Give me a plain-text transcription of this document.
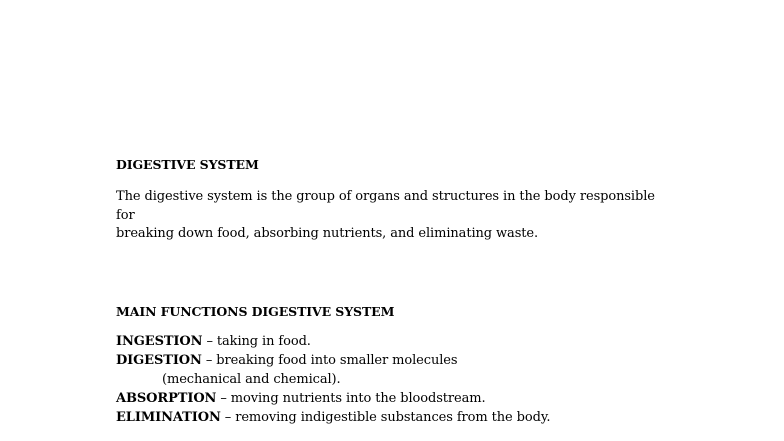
DIGESTIVE SYSTEM
The digestive system is the group of organs and structures in the body responsible for
breaking down food, absorbing nutrients, and eliminating waste.
MAIN FUNCTIONS DIGESTIVE SYSTEM
INGESTION – taking in food.
DIGESTION – breaking food into smaller molecules
(mechanical and chemical).
ABSORPTION – moving nutrients into the bloodstream.
ELIMINATION – removing indigestible substances from the body.
